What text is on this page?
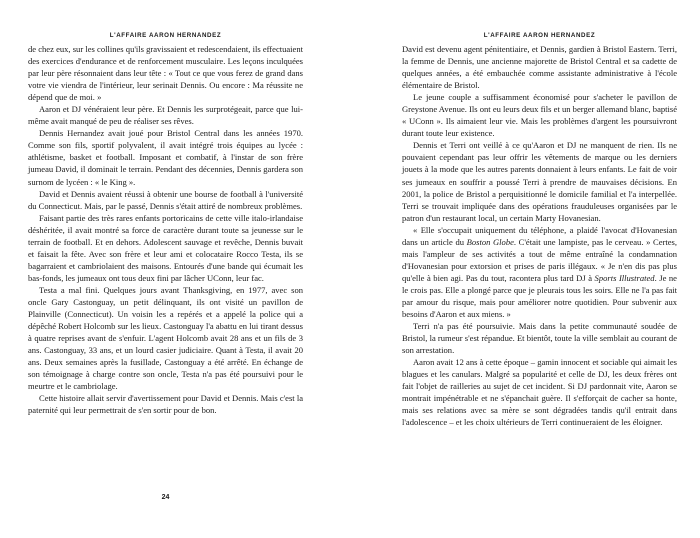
L'AFFAIRE AARON HERNANDEZ

de chez eux, sur les collines qu'ils gravissaient et redescendaient, ils effectuaient des exercices d'endurance et de renforcement musculaire. Les leçons inculquées par leur père résonnaient dans leur tête : « Tout ce que vous ferez de grand dans votre vie viendra de l'intérieur, leur serinait Dennis. Ou encore : Ma réussite ne dépend que de moi. »

Aaron et DJ vénéraient leur père. Et Dennis les surprotégeait, parce que lui-même avait manqué de peu de réaliser ses rêves.

Dennis Hernandez avait joué pour Bristol Central dans les années 1970. Comme son fils, sportif polyvalent, il avait intégré trois équipes au lycée : athlétisme, basket et football. Imposant et combatif, à l'instar de son frère jumeau David, il dominait le terrain. Pendant des décennies, Dennis gardera son surnom de lycéen : « le King ».

David et Dennis avaient réussi à obtenir une bourse de football à l'université du Connecticut. Mais, par le passé, Dennis s'était attiré de nombreux problèmes.

Faisant partie des très rares enfants portoricains de cette ville italo-irlandaise déshéritée, il avait montré sa force de caractère durant toute sa jeunesse sur le terrain de football. Et en dehors. Adolescent sauvage et revêche, Dennis buvait et faisait la fête. Avec son frère et leur ami et colocataire Rocco Testa, ils se bagarraient et cambriolaient des maisons. Entourés d'une bande qui écumait les bas-fonds, les jumeaux ont tous deux fini par lâcher UConn, leur fac.

Testa a mal fini. Quelques jours avant Thanksgiving, en 1977, avec son oncle Gary Castonguay, un petit délinquant, ils ont visité un pavillon de Plainville (Connecticut). Un voisin les a repérés et a appelé la police qui a dépêché Robert Holcomb sur les lieux. Castonguay l'a abattu en lui tirant dessus à quatre reprises avant de s'enfuir. L'agent Holcomb avait 28 ans et un fils de 3 ans. Castonguay, 33 ans, et un lourd casier judiciaire. Quant à Testa, il avait 20 ans. Deux semaines après la fusillade, Castonguay a été arrêté. En échange de son témoignage à charge contre son oncle, Testa n'a pas été poursuivi pour le meurtre et le cambriolage.

Cette histoire allait servir d'avertissement pour David et Dennis. Mais c'est la paternité qui leur permettrait de s'en sortir pour de bon.

24
L'AFFAIRE AARON HERNANDEZ

David est devenu agent pénitentiaire, et Dennis, gardien à Bristol Eastern. Terri, la femme de Dennis, une ancienne majorette de Bristol Central et sa cadette de quelques années, a été embauchée comme assistante administrative à l'école élémentaire de Bristol.

Le jeune couple a suffisamment économisé pour s'acheter le pavillon de Greystone Avenue. Ils ont eu leurs deux fils et un berger allemand blanc, baptisé « UConn ». Ils aimaient leur vie. Mais les problèmes d'argent les poursuivront durant toute leur existence.

Dennis et Terri ont veillé à ce qu'Aaron et DJ ne manquent de rien. Ils ne pouvaient cependant pas leur offrir les vêtements de marque ou les derniers jouets à la mode que les autres parents donnaient à leurs enfants. Le fait de voir ses jumeaux en souffrir a poussé Terri à prendre de mauvaises décisions. En 2001, la police de Bristol a perquisitionné le domicile familial et l'a interpellée. Terri se trouvait impliquée dans des opérations frauduleuses organisées par le patron d'un restaurant local, un certain Marty Hovanesian.

« Elle s'occupait uniquement du téléphone, a plaidé l'avocat d'Hovanesian dans un article du Boston Globe. C'était une lampiste, pas le cerveau. » Certes, mais l'ampleur de ses activités a tout de même entraîné la condamnation d'Hovanesian pour extorsion et prises de paris illégaux. « Je n'en dis pas plus qu'elle à bien agi. Pas du tout, racontera plus tard DJ à Sports Illustrated. Je ne le crois pas. Elle a plongé parce que je pleurais tous les soirs. Elle ne l'a pas fait par amour du risque, mais pour améliorer notre quotidien. Pour subvenir aux besoins d'Aaron et aux miens. »

Terri n'a pas été poursuivie. Mais dans la petite communauté soudée de Bristol, la rumeur s'est répandue. Et bientôt, toute la ville semblait au courant de son arrestation.

Aaron avait 12 ans à cette époque – gamin innocent et sociable qui aimait les blagues et les canulars. Malgré sa popularité et celle de DJ, les deux frères ont fait l'objet de railleries au sujet de cet incident. Si DJ pardonnait vite, Aaron se montrait impénétrable et ne s'épanchait guère. Il s'efforçait de cacher sa honte, mais ses relations avec sa mère se sont dégradées tandis qu'il entrait dans l'adolescence – et les choix ultérieurs de Terri continueraient de les éloigner.
